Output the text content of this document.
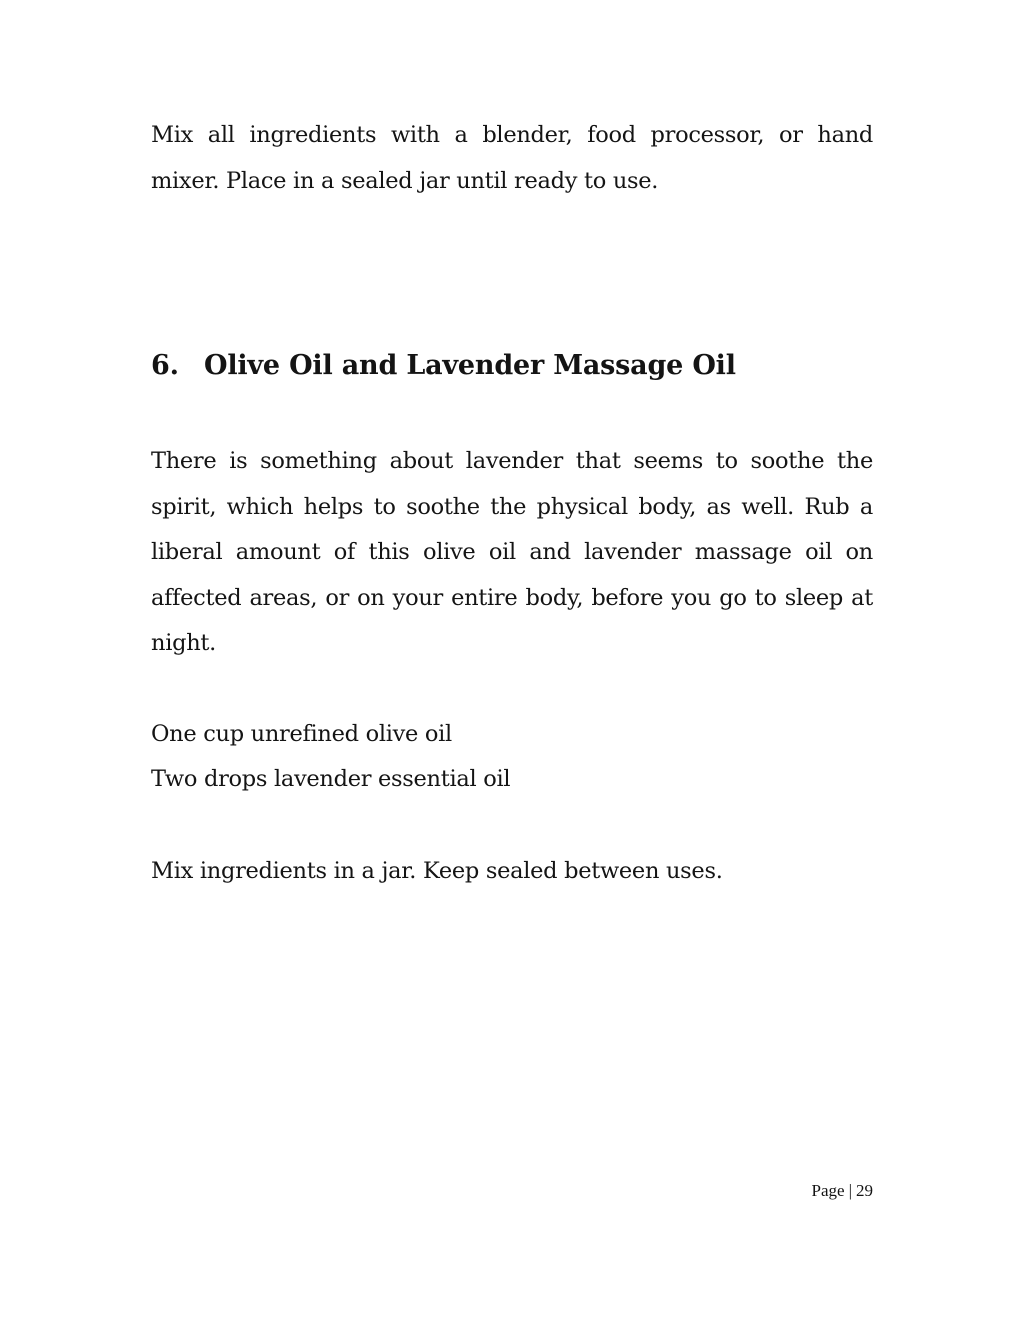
Mix all ingredients with a blender, food processor, or hand mixer. Place in a sealed jar until ready to use.

6. Olive Oil and Lavender Massage Oil

There is something about lavender that seems to soothe the spirit, which helps to soothe the physical body, as well. Rub a liberal amount of this olive oil and lavender massage oil on affected areas, or on your entire body, before you go to sleep at night.

One cup unrefined olive oil

Two drops lavender essential oil

Mix ingredients in a jar. Keep sealed between uses.

Page | 29
